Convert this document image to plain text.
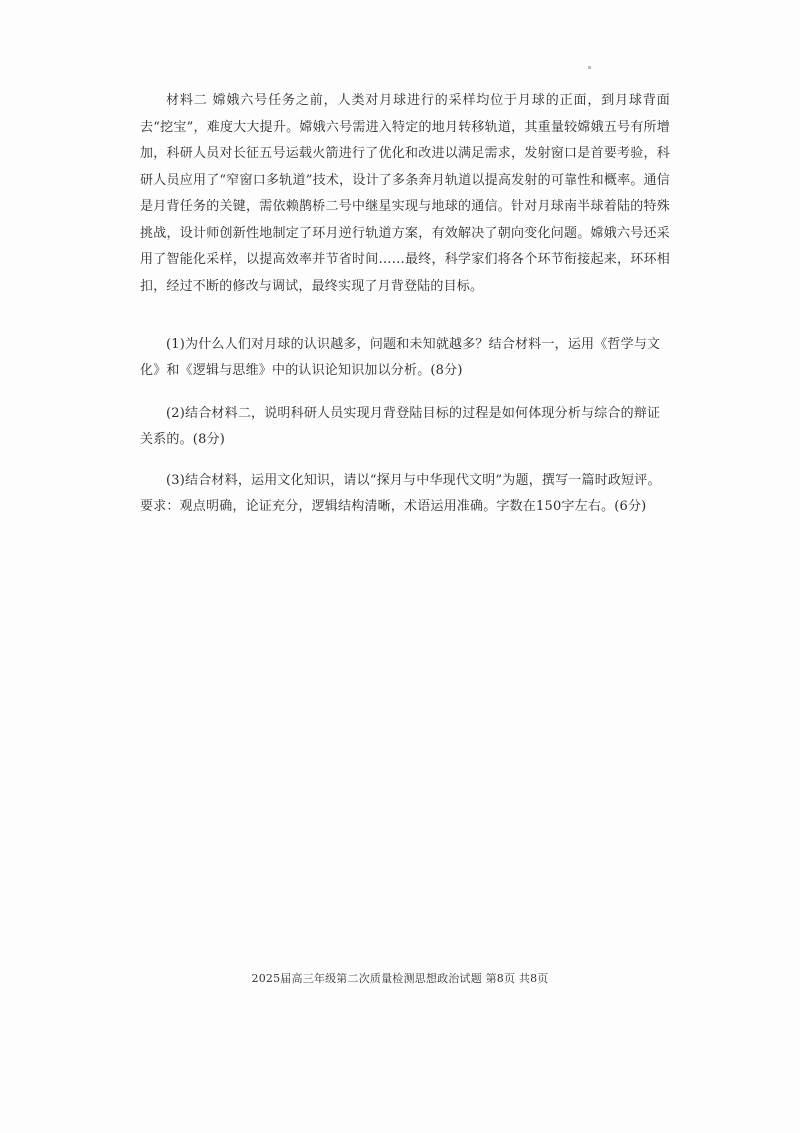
材料二 嫦娥六号任务之前，人类对月球进行的采样均位于月球的正面，到月球背面去“挖宝”，难度大大提升。嫦娥六号需进入特定的地月转移轨道，其重量较嫦娥五号有所增加，科研人员对长征五号运载火箭进行了优化和改进以满足需求，发射窗口是首要考验，科研人员应用了“窄窗口多轨道”技术，设计了多条奔月轨道以提高发射的可靠性和概率。通信是月背任务的关键，需依赖鹊桥二号中继星实现与地球的通信。针对月球南半球着陆的特殊挑战，设计师创新性地制定了环月逆行轨道方案，有效解决了朝向变化问题。嫦娥六号还采用了智能化采样，以提高效率并节省时间……最终，科学家们将各个环节衔接起来，环环相扣，经过不断的修改与调试，最终实现了月背登陆的目标。

(1)为什么人们对月球的认识越多，问题和未知就越多？结合材料一，运用《哲学与文化》和《逻辑与思维》中的认识论知识加以分析。(8分)

(2)结合材料二，说明科研人员实现月背登陆目标的过程是如何体现分析与综合的辩证关系的。(8分)

(3)结合材料，运用文化知识，请以“探月与中华现代文明”为题，撰写一篇时政短评。要求：观点明确，论证充分，逻辑结构清晰，术语运用准确。字数在150字左右。(6分)

2025届高三年级第二次质量检测思想政治试题 第8页 共8页
